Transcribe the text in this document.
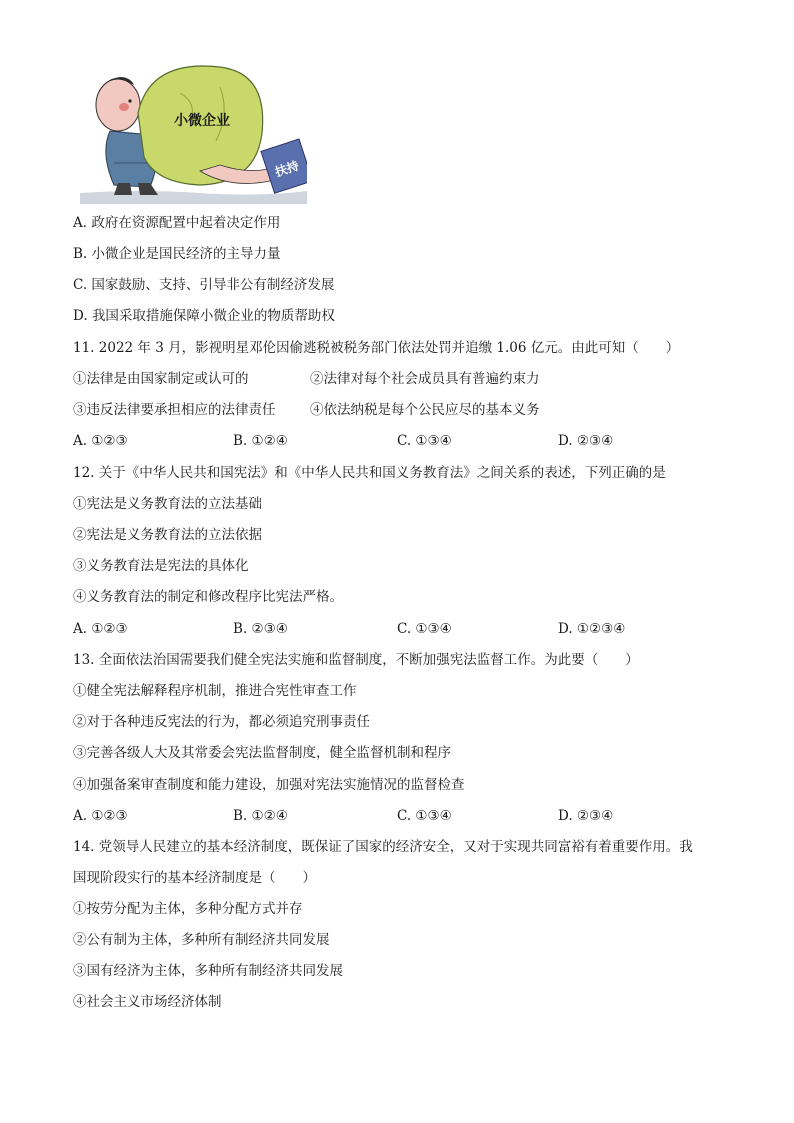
小微企业
扶持
A. 政府在资源配置中起着决定作用
B. 小微企业是国民经济的主导力量
C. 国家鼓励、支持、引导非公有制经济发展
D. 我国采取措施保障小微企业的物质帮助权
11. 2022 年 3 月，影视明星邓伦因偷逃税被税务部门依法处罚并追缴 1.06 亿元。由此可知（　　）
①法律是由国家制定或认可的	②法律对每个社会成员具有普遍约束力
③违反法律要承担相应的法律责任	④依法纳税是每个公民应尽的基本义务
A. ①②③	B. ①②④	C. ①③④	D. ②③④
12. 关于《中华人民共和国宪法》和《中华人民共和国义务教育法》之间关系的表述，下列正确的是
①宪法是义务教育法的立法基础
②宪法是义务教育法的立法依据
③义务教育法是宪法的具体化
④义务教育法的制定和修改程序比宪法严格。
A. ①②③	B. ②③④	C. ①③④	D. ①②③④
13. 全面依法治国需要我们健全宪法实施和监督制度，不断加强宪法监督工作。为此要（　　）
①健全宪法解释程序机制，推进合宪性审查工作
②对于各种违反宪法的行为，都必须追究刑事责任
③完善各级人大及其常委会宪法监督制度，健全监督机制和程序
④加强备案审查制度和能力建设，加强对宪法实施情况的监督检查
A. ①②③	B. ①②④	C. ①③④	D. ②③④
14. 党领导人民建立的基本经济制度，既保证了国家的经济安全，又对于实现共同富裕有着重要作用。我
国现阶段实行的基本经济制度是（　　）
①按劳分配为主体，多种分配方式并存
②公有制为主体，多种所有制经济共同发展
③国有经济为主体，多种所有制经济共同发展
④社会主义市场经济体制
